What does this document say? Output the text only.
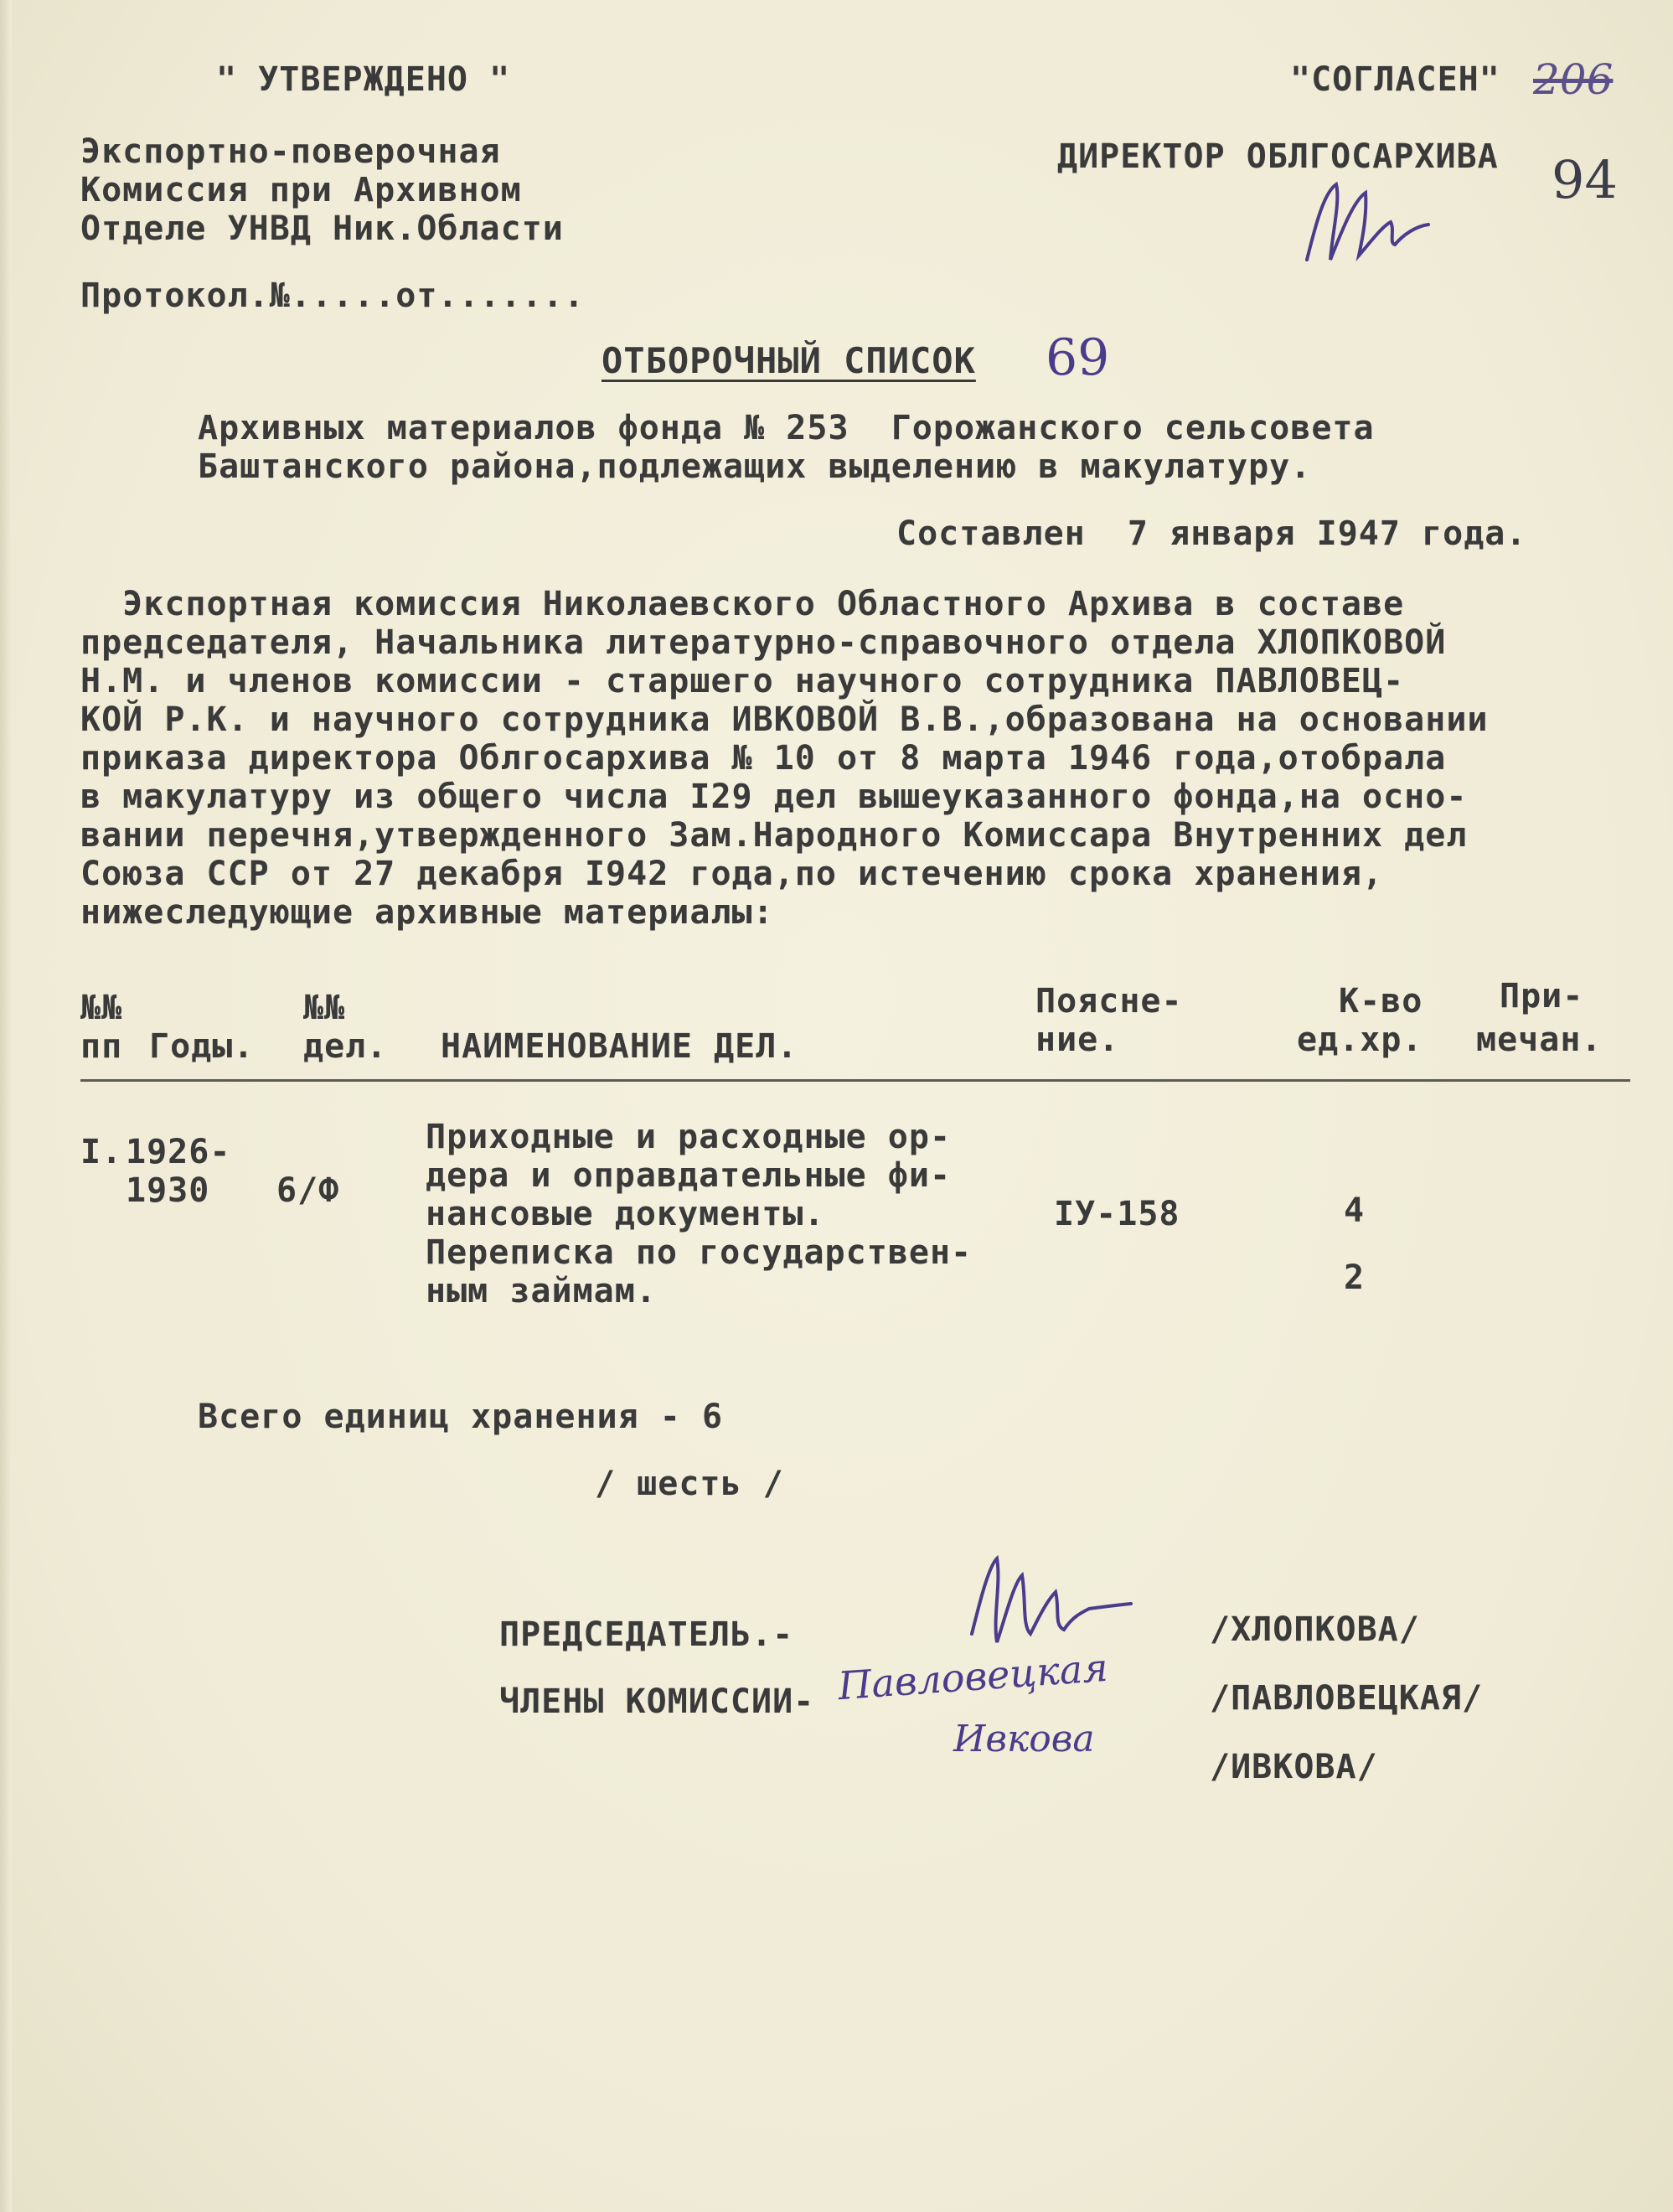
" УТВЕРЖДЕНО "
Экспортно-поверочная
Комиссия при Архивном
Отделе УНВД Ник.Области
Протокол.№.....от.......
"СОГЛАСЕН" 206
ДИРЕКТОР ОБЛГОСАРХИВА 94
ОТБОРОЧНЫЙ СПИСОК 69
Архивных материалов фонда № 253  Горожанского сельсовета
Баштанского района,подлежащих выделению в макулатуру.
Составлен  7 января I947 года.
Экспортная комиссия Николаевского Областного Архива в составе
председателя, Начальника литературно-справочного отдела ХЛОПКОВОЙ
Н.М. и членов комиссии - старшего научного сотрудника ПАВЛОВЕЦ-
КОЙ Р.К. и научного сотрудника ИВКОВОЙ В.В.,образована на основании
приказа директора Облгосархива № 10 от 8 марта 1946 года,отобрала
в макулатуру из общего числа I29 дел вышеуказанного фонда,на осно-
вании перечня,утвержденного Зам.Народного Комиссара Внутренних дел
Союза ССР от 27 декабря I942 года,по истечению срока хранения,
нижеследующие архивные материалы:
№№
пп Годы.
№№
дел. НАИМЕНОВАНИЕ ДЕЛ.
Поясне-
ние.
К-во
ед.хр.
При-
мечан.
I. 1926-
1930 6/Ф
Приходные и расходные ор-
дера и оправдательные фи-
нансовые документы.
Переписка по государствен-
ным займам.
IУ-158	4
2
Всего единиц хранения - 6
/ шесть /
ПРЕДСЕДАТЕЛЬ.-
ЧЛЕНЫ КОМИССИИ-
/ХЛОПКОВА/
/ПАВЛОВЕЦКАЯ/
/ИВКОВА/
Павловецкая
Ивкова
